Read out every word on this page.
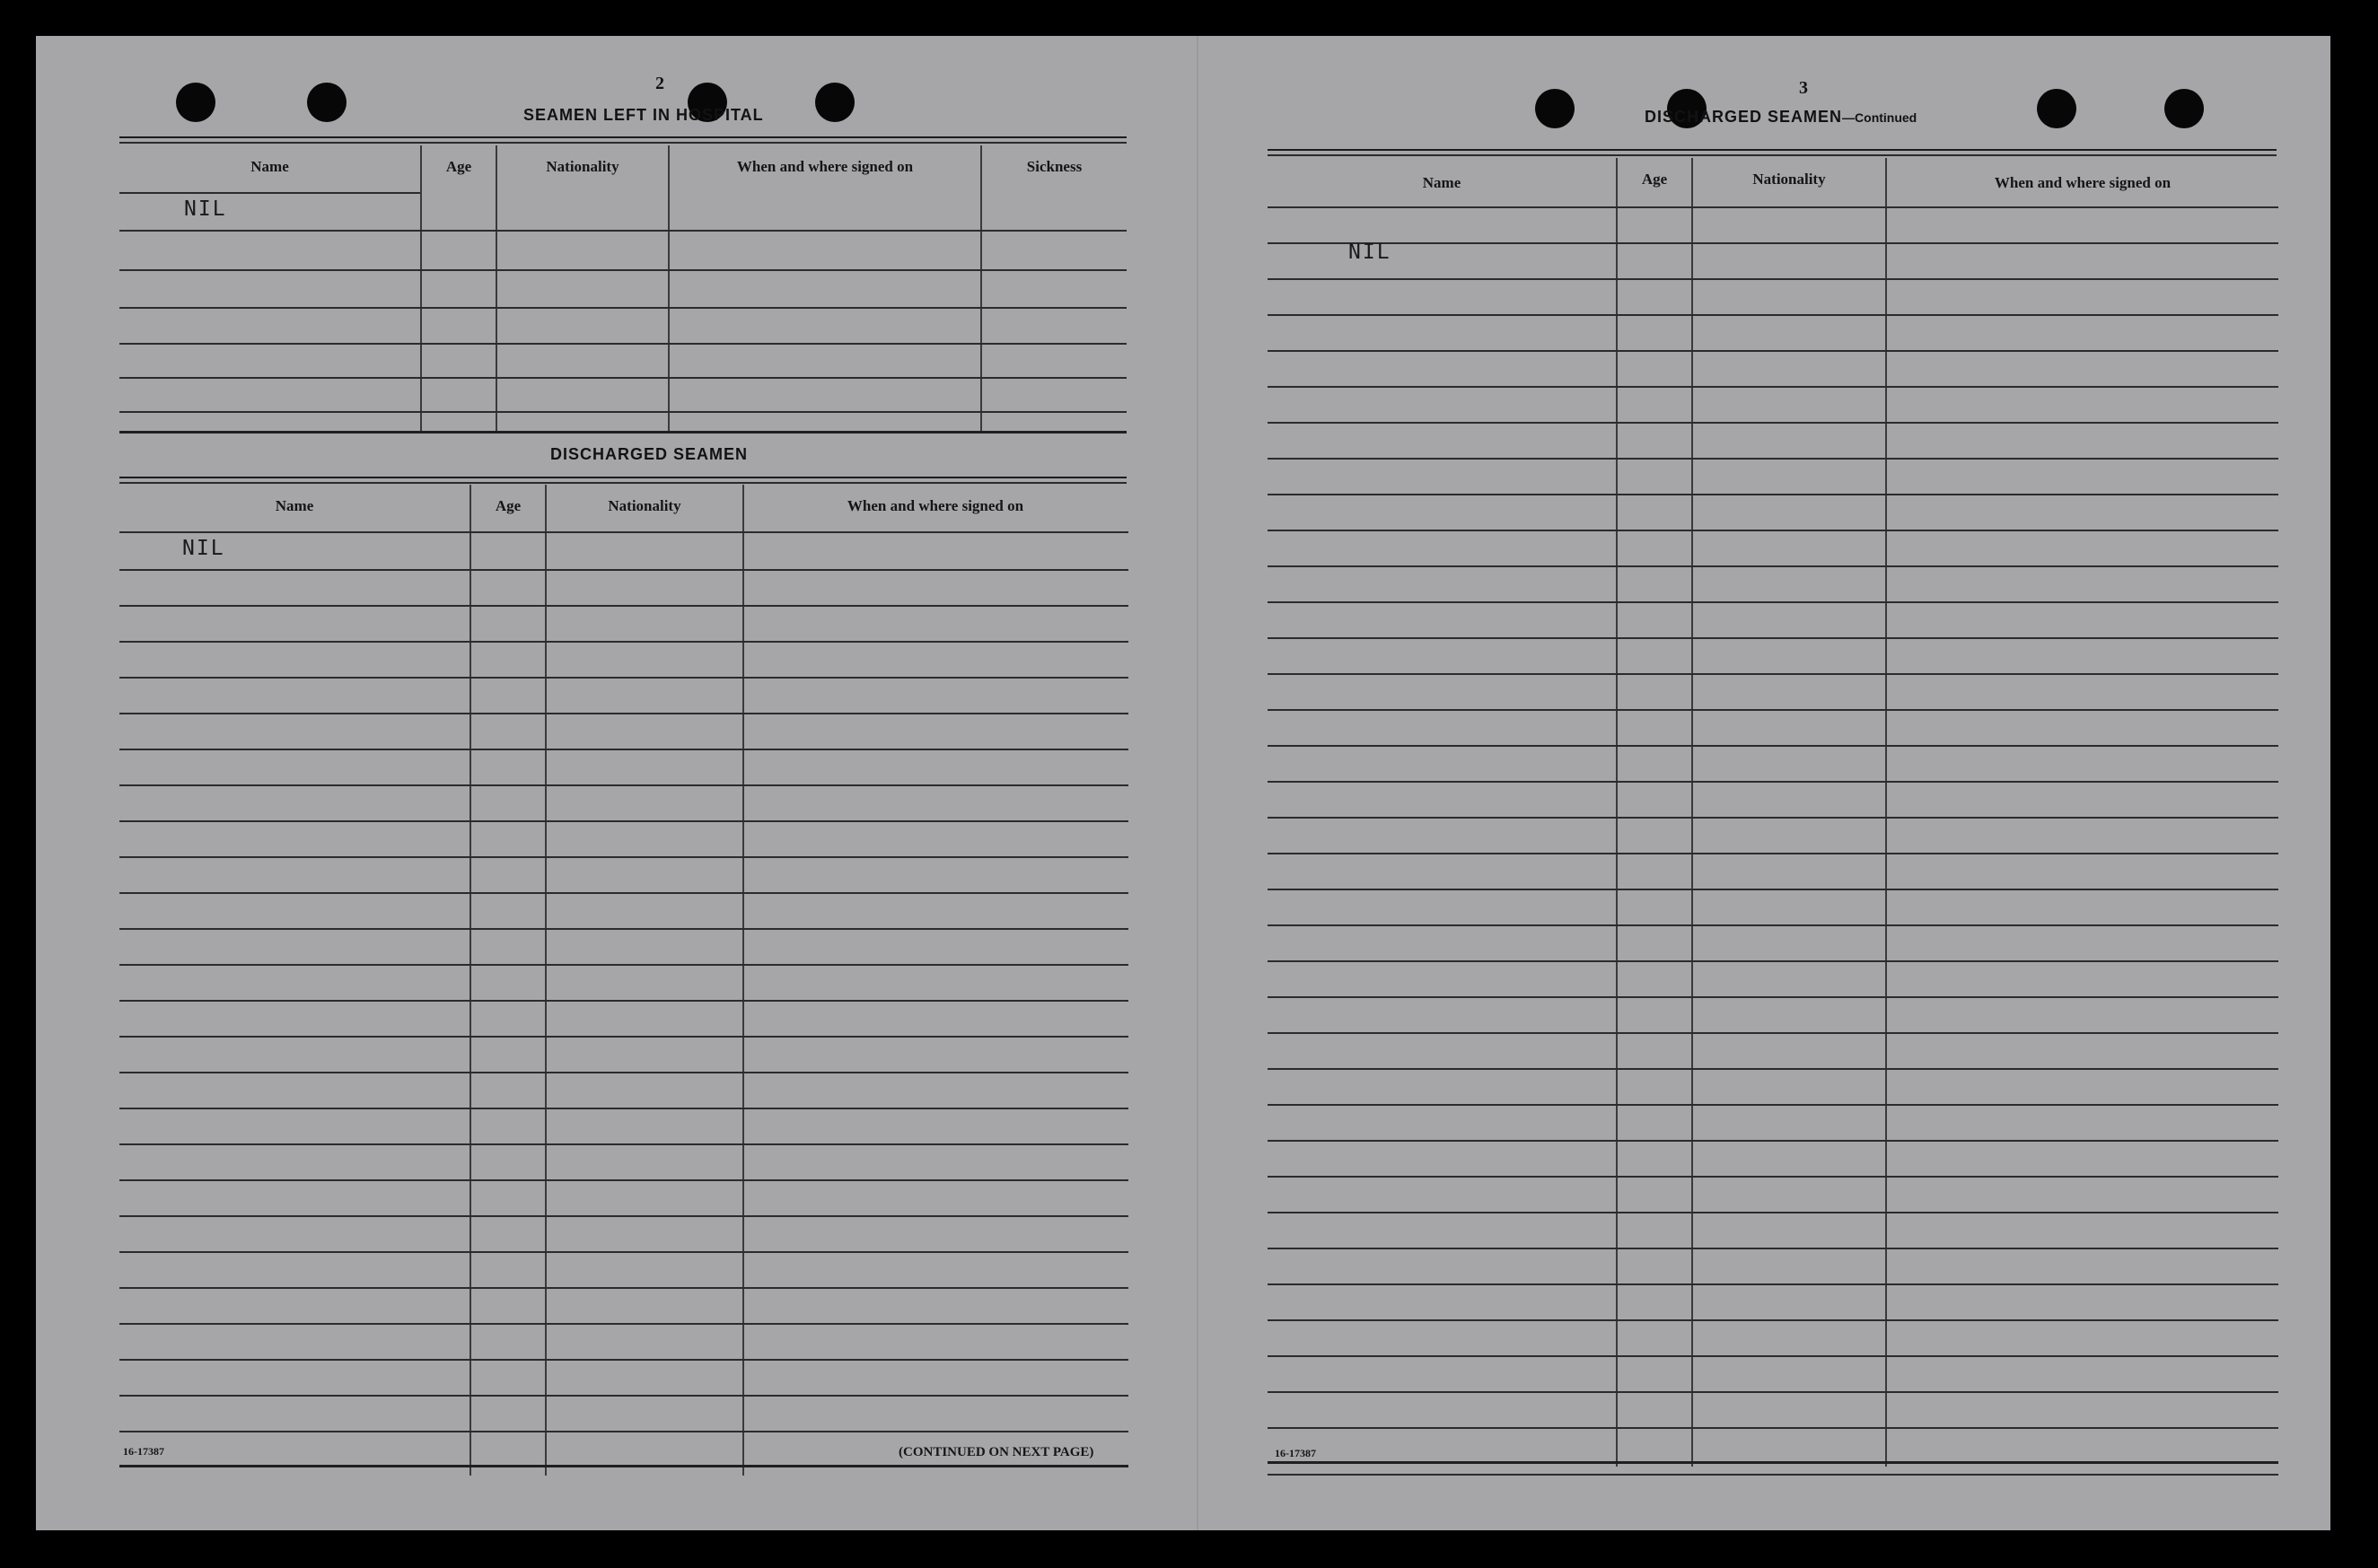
2
SEAMEN LEFT IN HOSPITAL
Name	Age	Nationality	When and where signed on	Sickness
NIL
DISCHARGED SEAMEN
Name	Age	Nationality	When and where signed on
NIL
16-17387	(CONTINUED ON NEXT PAGE)
3
DISCHARGED SEAMEN—Continued
Name	Age	Nationality	When and where signed on
NIL
16-17387
